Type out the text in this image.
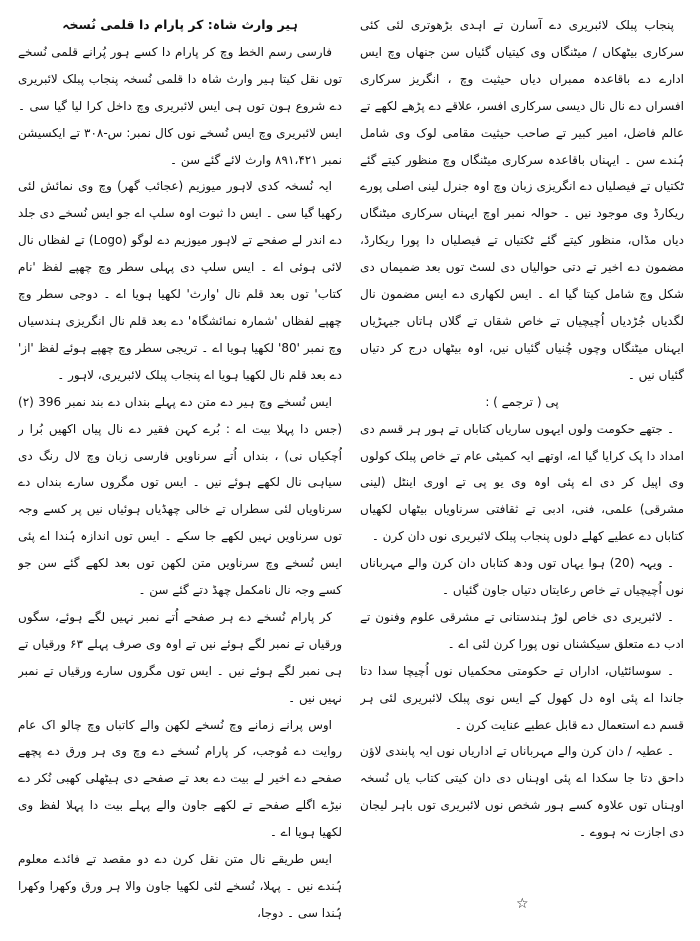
پنجاب پبلک لائبریری دے آسارن تے اہدی بڑھوتری لئی کئی سرکاری بیٹھکاں / میٹنگاں وی کیتیاں گئیاں سن جنھاں وچ ایس ادارے دے باقاعدہ ممبراں دیاں حیثیت وچ ، انگریز سرکاری افسراں دے نال نال دیسی سرکاری افسر، علاقے دے پڑھے لکھے تے عالم فاضل، امیر کبیر تے صاحب حیثیت مقامی لوک وی شامل ہُندے سن ۔ ایہناں باقاعدہ سرکاری میٹنگاں وچ منظور کیتے گئے ٹکتیاں تے فیصلیاں دے انگریزی زبان وچ اوہ جنرل لینی اصلی پورے ریکارڈ وی موجود نیں ۔ حوالہ نمبر اوچ ایہناں سرکاری میٹنگاں دیاں مڈاں، منظور کیتے گئے ٹکتیاں تے فیصلیاں دا پورا ریکارڈ، مضمون دے اخیر تے دتی حوالیاں دی لسٹ توں بعد ضمیماں دی شکل وچ شامل کیتا گیا اے ۔ ایس لکھاری دے ایس مضمون نال لگدیاں جُڑدیاں اُچیچیاں تے خاص شقاں تے گلاں ہاتاں جیہڑیاں ایہناں میٹنگاں وچوں چُنیاں گئیاں نیں، اوہ بیٹھاں درج کر دتیاں گئیاں نیں ۔

پی ( ترجمے ) :

۔ جتھے حکومت ولوں ایہوں ساریاں کتاباں تے ہور ہر قسم دی امداد دا پک کرایا گیا اے، اوتھے ایہ کمیٹی عام تے خاص پبلک کولوں وی اپیل کر دی اے پئی اوہ وی یو پی تے اوری اینٹل (لینی مشرقی) علمی، فنی، ادبی تے ثقافتی سرناویاں بیٹھاں لکھیاں کتاباں دے عطیے کھلے دلوں پنجاب پبلک لائبریری نوں دان کرن ۔

۔ ویہہ (20) ہوا یہاں توں ودھ کتاباں دان کرن والے مہرباناں نوں اُچیچیاں تے خاص رعایتاں دتیاں جاون گئیاں ۔

۔ لائبریری دی خاص لوڑ ہندستانی تے مشرقی علوم وفنون تے ادب دے متعلق سیکشناں نوں پورا کرن لئی اے ۔

۔ سوسائٹیاں، اداراں تے حکومتی محکمیاں نوں اُچیچا سدا دتا جاندا اے پئی اوہ دل کھول کے ایس نوی پبلک لائبریری لئی ہر قسم دے استعمال دے قابل عطیے عنایت کرن ۔

۔ عطیہ / دان کرن والے مہرباناں تے اداریاں نوں ایہ پابندی لاؤن داحق دتا جا سکدا اے پئی اوہناں دی دان کیتی کتاب یاں نُسخہ اوہناں توں علاوہ کسے ہور شخص نوں لائبریری توں باہر لیجان دی اجازت نہ ہووے ۔

ہیر وارث شاہ: کر پارام دا قلمی نُسخہ

فارسی رسم الخط وچ کر پارام دا کسے ہور پُرانے قلمی نُسخے توں نقل کیتا ہیر وارث شاہ دا قلمی نُسخہ پنجاب پبلک لائبریری دے شروع ہون توں ہی ایس لائبریری وچ داخل کرا لیا گیا سی ۔ ایس لائبریری وچ ایس نُسخے نوں کال نمبر: س-۳۰۸ تے ایکسیشن نمبر ۸۹۱،۴۲۱ وارث لائے گئے سن ۔

ایہ نُسخہ کدی لاہور میوزیم (عجائب گھر) وچ وی نمائش لئی رکھیا گیا سی ۔ ایس دا ثبوت اوہ سلپ اے جو ایس نُسخے دی جلد دے اندر لے صفحے تے لاہور میوزیم دے لوگو (Logo) تے لفظاں نال لائی ہوئی اے ۔ ایس سلپ دی پہلی سطر وچ چھپے لفظ 'نام کتاب' توں بعد قلم نال 'وارث' لکھیا ہویا اے ۔ دوجی سطر وچ چھپے لفظاں 'شمارہ نمائشگاہ' دے بعد قلم نال انگریزی ہندسیاں وچ نمبر '80' لکھیا ہویا اے ۔ تریجی سطر وچ چھپے ہوئے لفظ 'از' دے بعد قلم نال لکھیا ہویا اے پنجاب پبلک لائبریری، لاہور ۔

ایس نُسخے وچ ہیر دے متن دے پہلے بنداں دے بند نمبر 396 (۲) (جس دا پہلا بیت اے : بُرے کہن فقیر دے نال پیاں اکھیں بُرا ر اُچکیاں نی) ، بنداں اُتے سرناویں فارسی زبان وچ لال رنگ دی سیاہی نال لکھے ہوئے نیں ۔ ایس توں مگروں سارے بنداں دے سرناویاں لئی سطراں تے خالی چھڈیاں ہوئیاں نیں پر کسے وجہ توں سرناویں نہیں لکھے جا سکے ۔ ایس توں اندازہ ہُندا اے پئی ایس نُسخے وچ سرناویں متن لکھن توں بعد لکھے گئے سن جو کسے وجہ نال نامکمل چھڈ دتے گئے سن ۔

کر پارام نُسخے دے ہر صفحے اُتے نمبر نہیں لگے ہوئے، سگوں ورقیاں تے نمبر لگے ہوئے نیں تے اوہ وی صرف پہلے ۶۳ ورقیاں تے ہی نمبر لگے ہوئے نیں ۔ ایس توں مگروں سارے ورقیاں تے نمبر نہیں نیں ۔

اوس پرانے زمانے وچ نُسخے لکھن والے کاتباں وچ چالو اک عام روایت دے مُوجب، کر پارام نُسخے دے وچ وی ہر ورق دے پچھے صفحے دے اخیر لے بیت دے بعد تے صفحے دی ہیٹھلی کھبی نُکر دے نیڑے اگلے صفحے تے لکھے جاون والے پہلے بیت دا پہلا لفظ وی لکھیا ہویا اے ۔

ایس طریقے نال متن نقل کرن دے دو مقصد تے فائدے معلوم ہُندے نیں ۔ پہلا، نُسخے لئی لکھیا جاون والا ہر ورق وکھرا وکھرا ہُندا سی ۔ دوجا،

☆
